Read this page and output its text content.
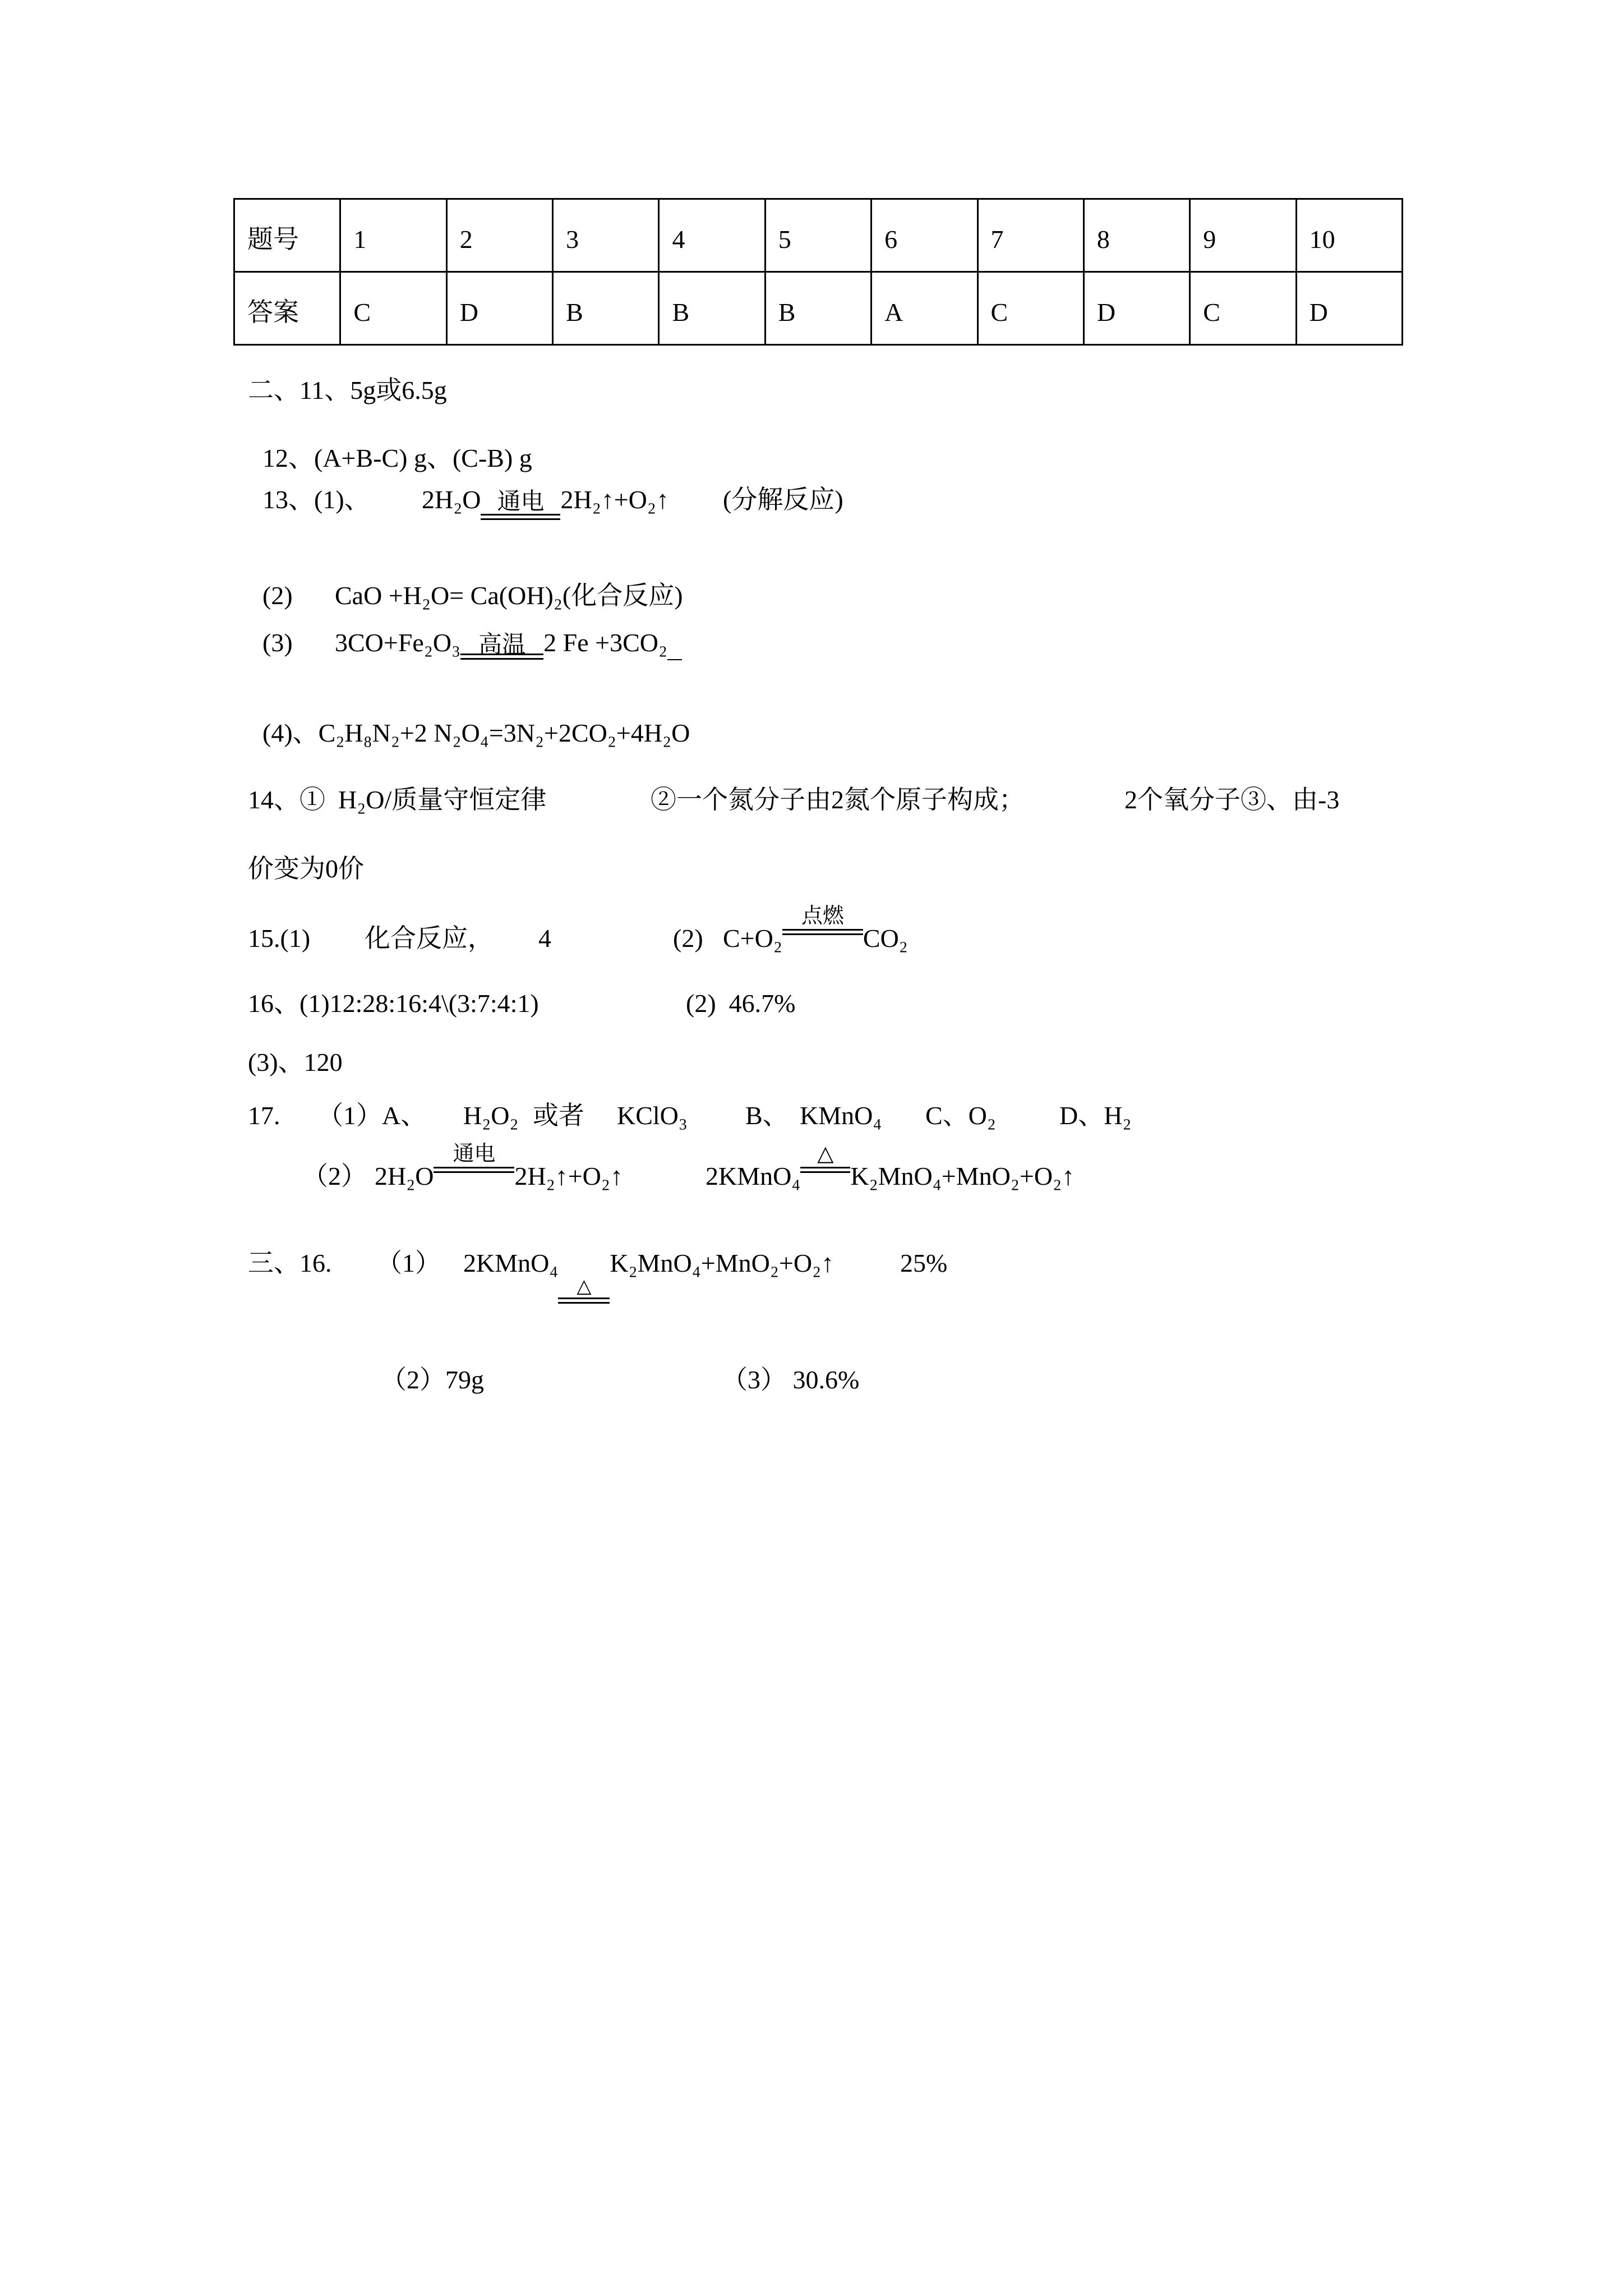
题号	1	2	3	4	5	6	7	8	9	10
答案	C	D	B	B	B	A	C	D	C	D
二、11、5g或6.5g
12、(A+B-C) g、(C-B) g
13、(1)、 2H₂O

通电

2H₂↑+O₂↑ (分解反应)
(2) CaO +H₂O= Ca(OH)₂(化合反应)
(3) 3CO+Fe₂O₃

高温

2 Fe +3CO₂
(4)、C₂H₈N₂+2 N₂O₄=3N₂+2CO₂+4H₂O
14、①  H₂O/质量守恒定律	②一个氮分子由2氮个原子构成；	2个氧分子③、由-3
价变为0价
15.(1) 化合反应， 4	(2) C+O₂

点燃

CO₂
16、(1)12:28:16:4\(3:7:4:1)	(2)  46.7%
(3)、120
17. （1）A、 H₂O₂ 或者 KClO₃ B、 KMnO₄ C、O₂ D、H₂
（2） 2H₂O

通电

2H₂↑+O₂↑	2KMnO₄

△

K₂MnO₄+MnO₂+O₂↑
三、16. （1） 2KMnO₄

△

K₂MnO₄+MnO₂+O₂↑	25%
（2）79g	（3） 30.6%
